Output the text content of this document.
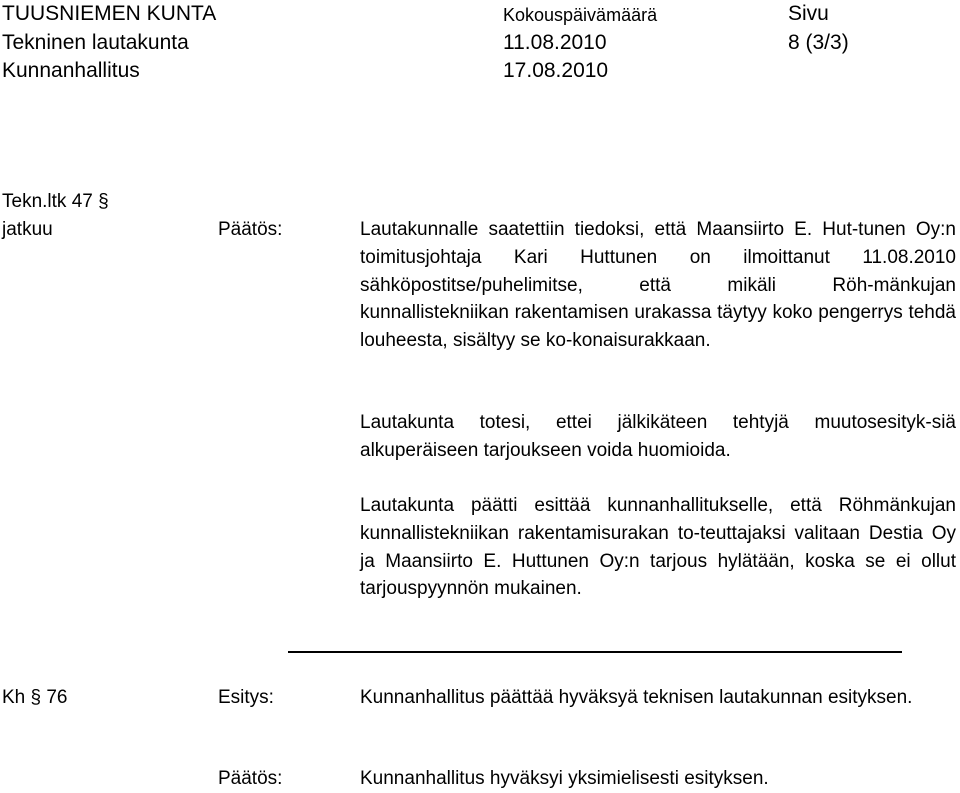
TUUSNIEMEN KUNTA	Kokouspäivämäärä	Sivu
Tekninen lautakunta	11.08.2010	8 (3/3)
Kunnanhallitus	17.08.2010
Tekn.ltk 47 §
jatkuu	Päätös:	Lautakunnalle saatettiin tiedoksi, että Maansiirto E. Hut-tunen Oy:n toimitusjohtaja Kari Huttunen on ilmoittanut 11.08.2010 sähköpostitse/puhelimitse, että mikäli Röh-mänkujan kunnallistekniikan rakentamisen urakassa täytyy koko pengerrys tehdä louheesta, sisältyy se ko-konaisurakkaan.

Lautakunta totesi, ettei jälkikäteen tehtyjä muutosesityk-siä alkuperäiseen tarjoukseen voida huomioida.

Lautakunta päätti esittää kunnanhallitukselle, että Röhmänkujan kunnallistekniikan rakentamisurakan to-teuttajaksi valitaan Destia Oy ja Maansiirto E. Huttunen Oy:n tarjous hylätään, koska se ei ollut tarjouspyynnön mukainen.

Kh § 76	Esitys:	Kunnanhallitus päättää hyväksyä teknisen lautakunnan esityksen.

Päätös:	Kunnanhallitus hyväksyi yksimielisesti esityksen.
